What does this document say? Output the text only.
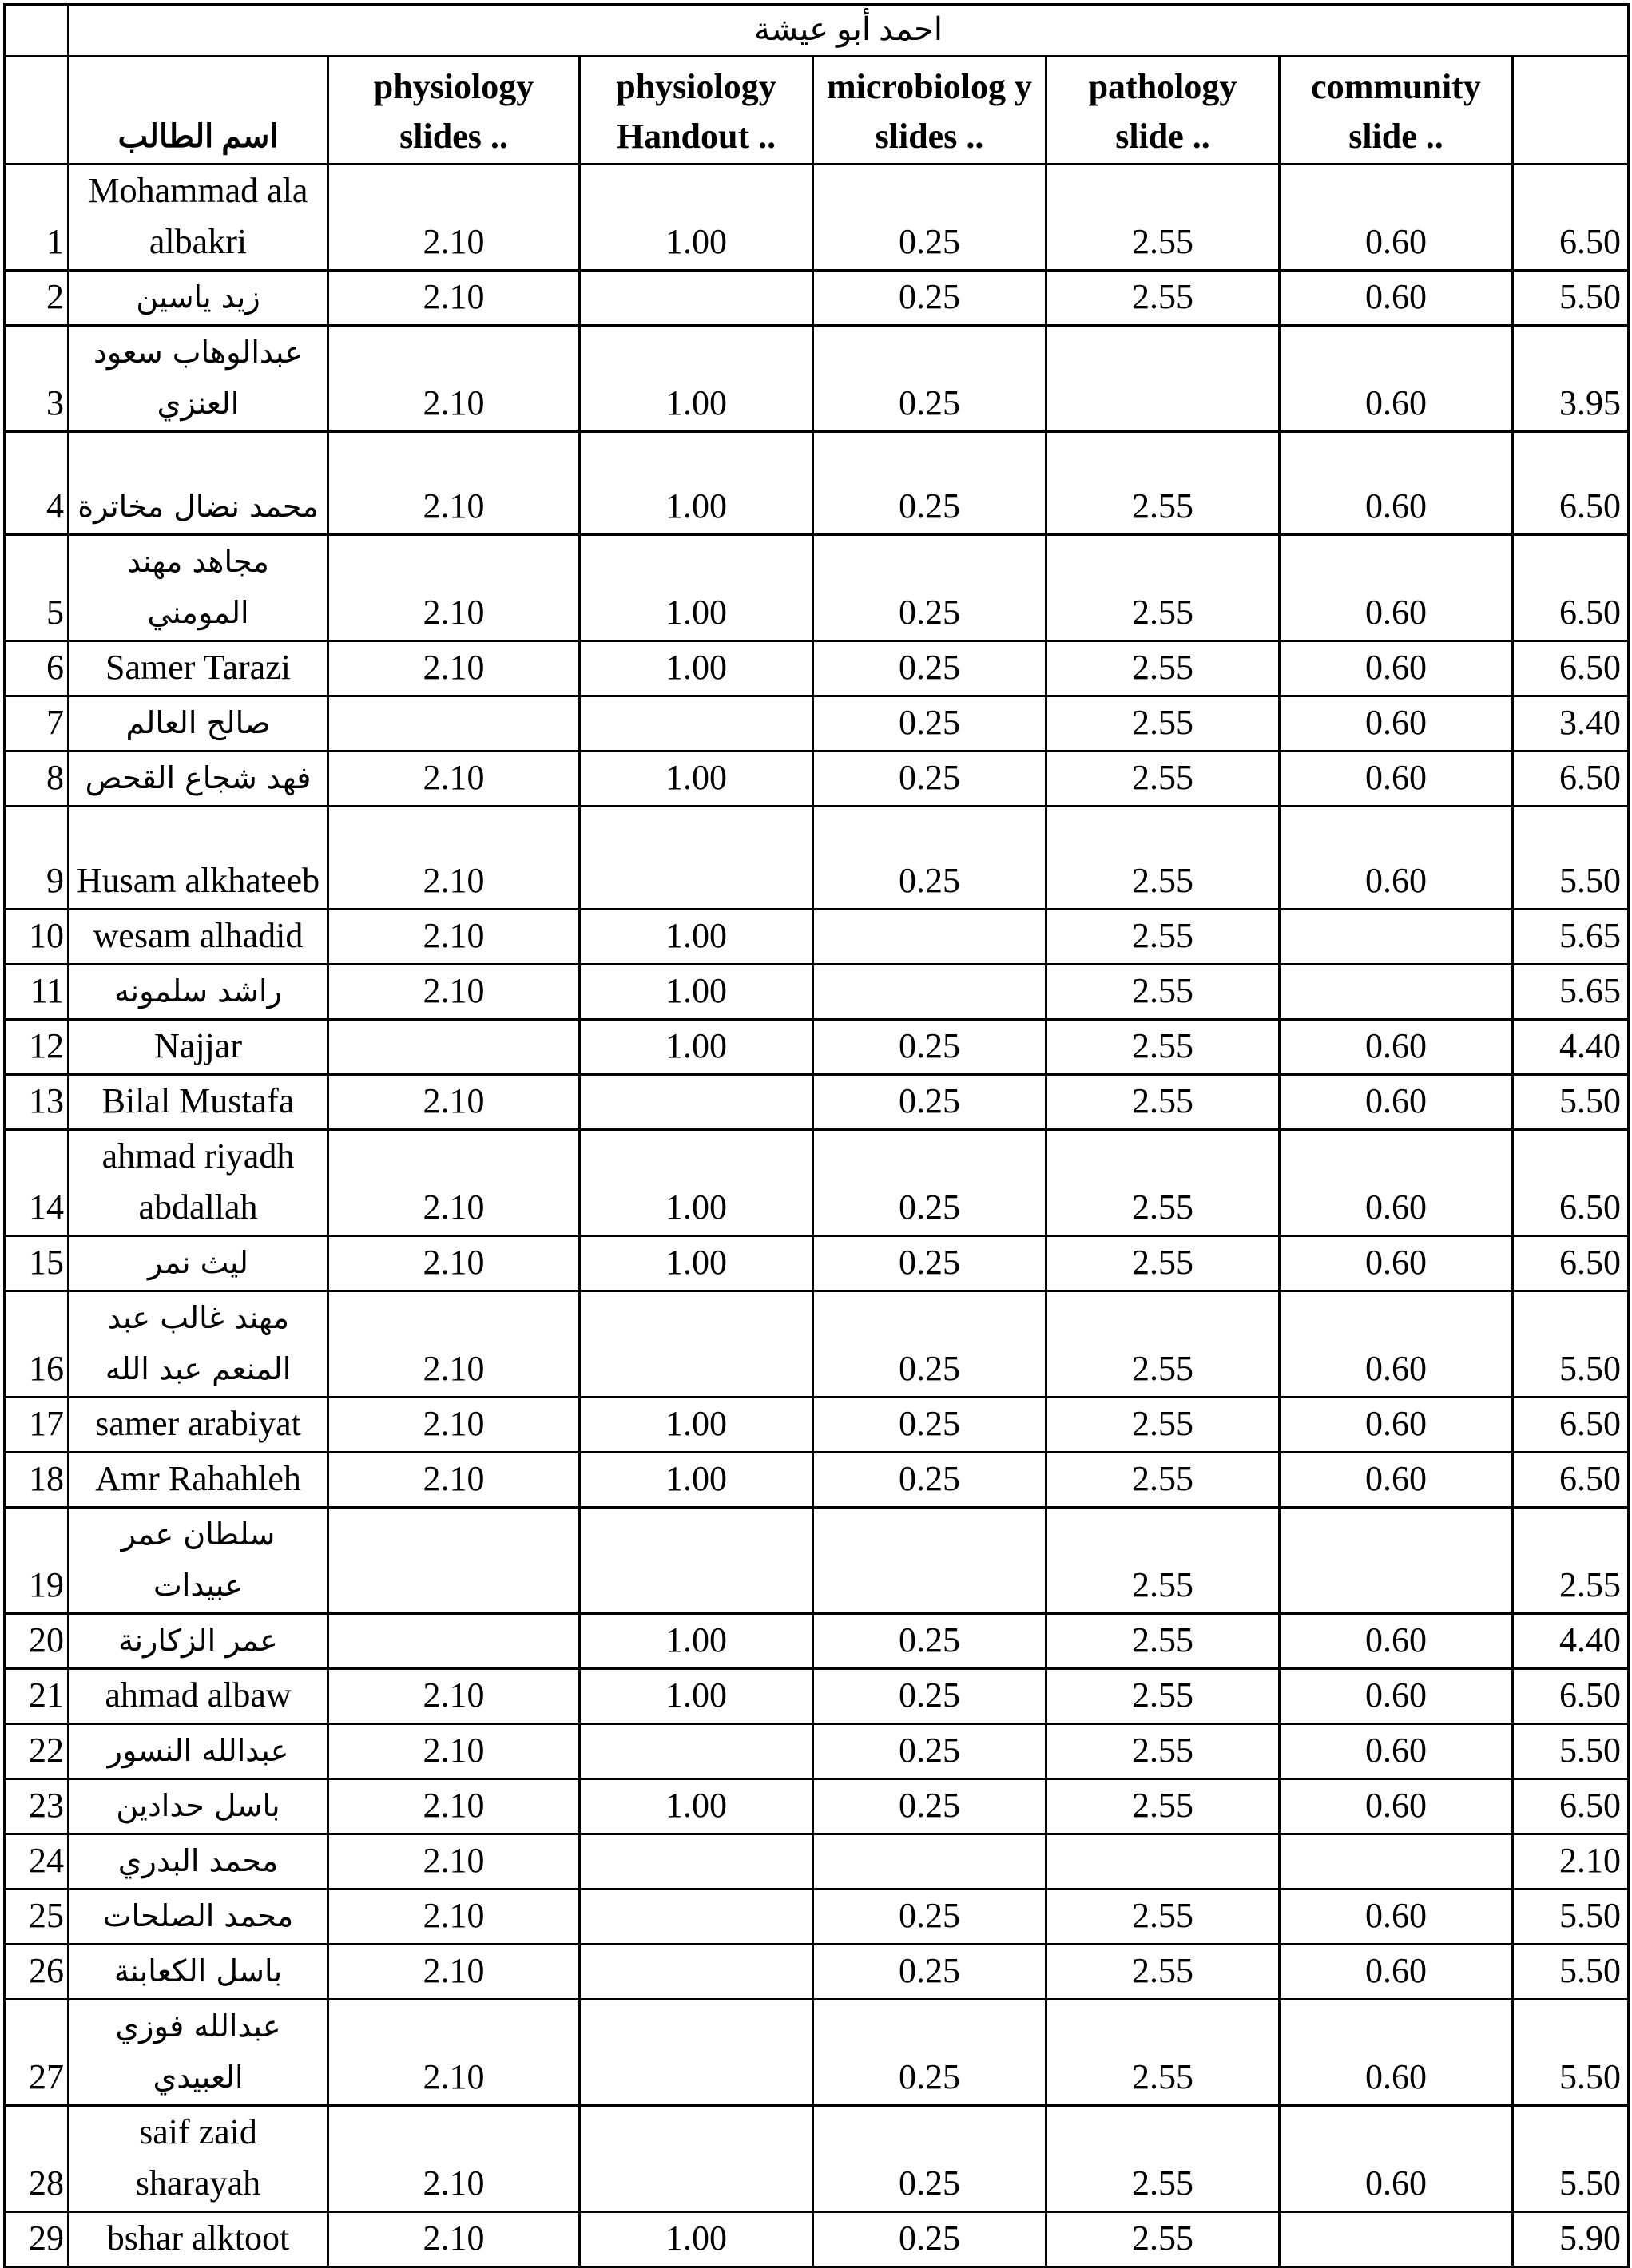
	احمد أبو عيشة						
	اسم الطالب	physiology slides ..	physiology Handout ..	microbiolog y slides ..	pathology slide ..	community slide ..	
1	Mohammad ala albakri	2.10	1.00	0.25	2.55	0.60	6.50
2	زيد ياسين	2.10		0.25	2.55	0.60	5.50
3	عبدالوهاب سعود العنزي	2.10	1.00	0.25		0.60	3.95
4	محمد نضال مخاترة	2.10	1.00	0.25	2.55	0.60	6.50
5	مجاهد مهند المومني	2.10	1.00	0.25	2.55	0.60	6.50
6	Samer Tarazi	2.10	1.00	0.25	2.55	0.60	6.50
7	صالح العالم			0.25	2.55	0.60	3.40
8	فهد شجاع القحص	2.10	1.00	0.25	2.55	0.60	6.50
9	Husam alkhateeb	2.10		0.25	2.55	0.60	5.50
10	wesam alhadid	2.10	1.00		2.55		5.65
11	راشد سلمونه	2.10	1.00		2.55		5.65
12	Najjar		1.00	0.25	2.55	0.60	4.40
13	Bilal Mustafa	2.10		0.25	2.55	0.60	5.50
14	ahmad riyadh abdallah	2.10	1.00	0.25	2.55	0.60	6.50
15	ليث نمر	2.10	1.00	0.25	2.55	0.60	6.50
16	مهند غالب عبد المنعم عبد الله	2.10		0.25	2.55	0.60	5.50
17	samer arabiyat	2.10	1.00	0.25	2.55	0.60	6.50
18	Amr Rahahleh	2.10	1.00	0.25	2.55	0.60	6.50
19	سلطان عمر عبيدات				2.55		2.55
20	عمر الزكارنة		1.00	0.25	2.55	0.60	4.40
21	ahmad albaw	2.10	1.00	0.25	2.55	0.60	6.50
22	عبدالله النسور	2.10		0.25	2.55	0.60	5.50
23	باسل حدادين	2.10	1.00	0.25	2.55	0.60	6.50
24	محمد البدري	2.10					2.10
25	محمد الصلحات	2.10		0.25	2.55	0.60	5.50
26	باسل الكعابنة	2.10		0.25	2.55	0.60	5.50
27	عبدالله فوزي العبيدي	2.10		0.25	2.55	0.60	5.50
28	saif zaid sharayah	2.10		0.25	2.55	0.60	5.50
29	bshar alktoot	2.10	1.00	0.25	2.55		5.90
